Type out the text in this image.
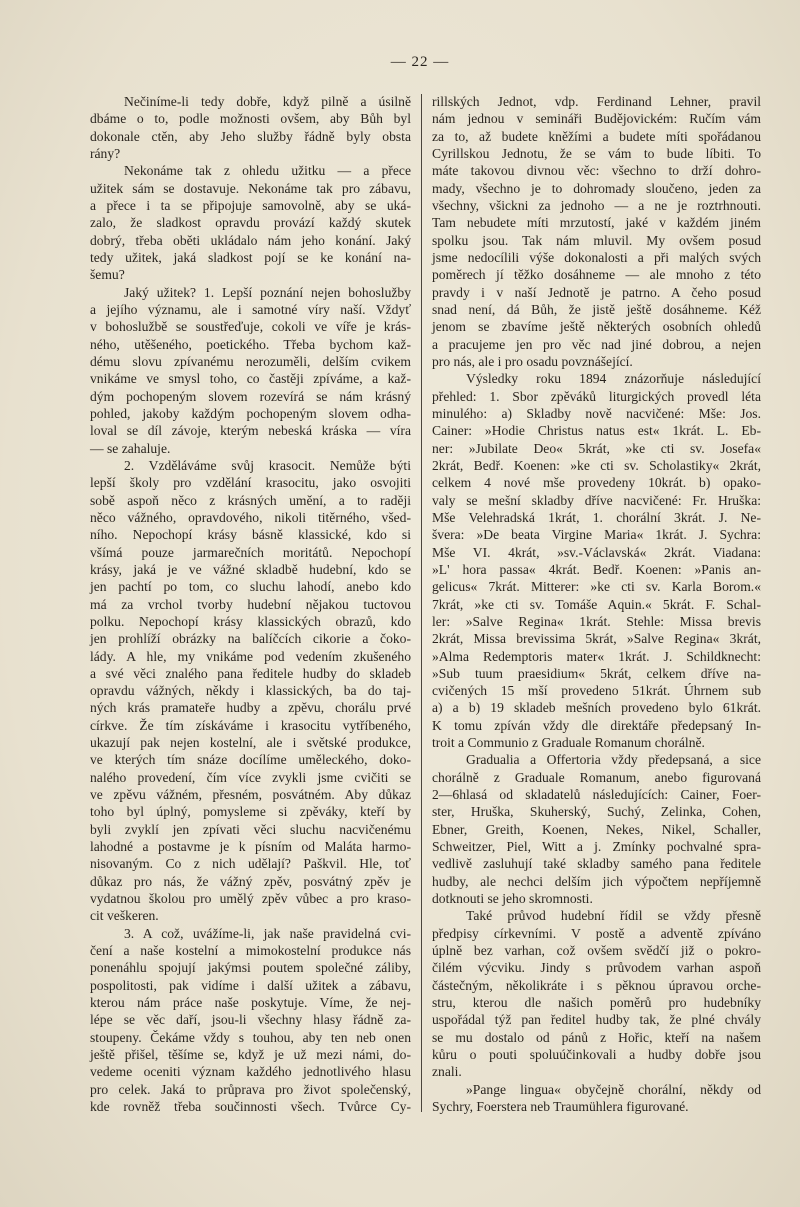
— 22 —
Nečiníme-li tedy dobře, když pilně a úsilně
dbáme o to, podle možnosti ovšem, aby Bůh byl
dokonale ctěn, aby Jeho služby řádně byly obsta
rány?
Nekonáme tak z ohledu užitku — a přece
užitek sám se dostavuje. Nekonáme tak pro zábavu,
a přece i ta se připojuje samovolně, aby se uká-
zalo, že sladkost opravdu provází každý skutek
dobrý, třeba oběti ukládalo nám jeho konání. Jaký
tedy užitek, jaká sladkost pojí se ke konání na-
šemu?
Jaký užitek? 1. Lepší poznání nejen bohoslužby
a jejího významu, ale i samotné víry naší. Vždyť
v bohoslužbě se soustřeďuje, cokoli ve víře je krás-
ného, utěšeného, poetického. Třeba bychom kaž-
dému slovu zpívanému nerozuměli, delším cvikem
vnikáme ve smysl toho, co častěji zpíváme, a kaž-
dým pochopeným slovem rozevírá se nám krásný
pohled, jakoby každým pochopeným slovem odha-
loval se díl závoje, kterým nebeská kráska — víra
— se zahaluje.
2. Vzděláváme svůj krasocit. Nemůže býti
lepší školy pro vzdělání krasocitu, jako osvojiti
sobě aspoň něco z krásných umění, a to raději
něco vážného, opravdového, nikoli titěrného, všed-
ního. Nepochopí krásy básně klassické, kdo si
všímá pouze jarmarečních moritátů. Nepochopí
krásy, jaká je ve vážné skladbě hudební, kdo se
jen pachtí po tom, co sluchu lahodí, anebo kdo
má za vrchol tvorby hudební nějakou tuctovou
polku. Nepochopí krásy klassických obrazů, kdo
jen prohlíží obrázky na balíčcích cikorie a čoko-
lády. A hle, my vnikáme pod vedením zkušeného
a své věci znalého pana ředitele hudby do skladeb
opravdu vážných, někdy i klassických, ba do taj-
ných krás pramateře hudby a zpěvu, chorálu prvé
církve. Že tím získáváme i krasocitu vytříbeného,
ukazují pak nejen kostelní, ale i světské produkce,
ve kterých tím snáze docílíme uměleckého, doko-
nalého provedení, čím více zvykli jsme cvičiti se
ve zpěvu vážném, přesném, posvátném. Aby důkaz
toho byl úplný, pomysleme si zpěváky, kteří by
byli zvyklí jen zpívati věci sluchu nacvičenému
lahodné a postavme je k písním od Maláta harmo-
nisovaným. Co z nich udělají? Paškvil. Hle, toť
důkaz pro nás, že vážný zpěv, posvátný zpěv je
vydatnou školou pro umělý zpěv vůbec a pro kraso-
cit veškeren.
3. A což, uvážíme-li, jak naše pravidelná cvi-
čení a naše kostelní a mimokostelní produkce nás
ponenáhlu spojují jakýmsi poutem společné záliby,
pospolitosti, pak vidíme i další užitek a zábavu,
kterou nám práce naše poskytuje. Víme, že nej-
lépe se věc daří, jsou-li všechny hlasy řádně za-
stoupeny. Čekáme vždy s touhou, aby ten neb onen
ještě přišel, těšíme se, když je už mezi námi, do-
vedeme oceniti význam každého jednotlivého hlasu
pro celek. Jaká to průprava pro život společenský,
kde rovněž třeba součinnosti všech. Tvůrce Cy-
rillských Jednot, vdp. Ferdinand Lehner, pravil
nám jednou v semináři Budějovickém: Ručím vám
za to, až budete kněžími a budete míti spořádanou
Cyrillskou Jednotu, že se vám to bude líbiti. To
máte takovou divnou věc: všechno to drží dohro-
mady, všechno je to dohromady sloučeno, jeden za
všechny, všickni za jednoho — a ne je roztrhnouti.
Tam nebudete míti mrzutostí, jaké v každém jiném
spolku jsou. Tak nám mluvil. My ovšem posud
jsme nedocílili výše dokonalosti a při malých svých
poměrech jí těžko dosáhneme — ale mnoho z této
pravdy i v naší Jednotě je patrno. A čeho posud
snad není, dá Bůh, že jistě ještě dosáhneme. Kéž
jenom se zbavíme ještě některých osobních ohledů
a pracujeme jen pro věc nad jiné dobrou, a nejen
pro nás, ale i pro osadu povznášející.
Výsledky roku 1894 znázorňuje následující
přehled: 1. Sbor zpěváků liturgických provedl léta
minulého: a) Skladby nově nacvičené: Mše: Jos.
Cainer: »Hodie Christus natus est« 1krát. L. Eb-
ner: »Jubilate Deo« 5krát, »ke cti sv. Josefa«
2krát, Bedř. Koenen: »ke cti sv. Scholastiky« 2krát,
celkem 4 nové mše provedeny 10krát. b) opako-
valy se mešní skladby dříve nacvičené: Fr. Hruška:
Mše Velehradská 1krát, 1. chorální 3krát. J. Ne-
švera: »De beata Virgine Maria« 1krát. J. Sychra:
Mše VI. 4krát, »sv.-Václavská« 2krát. Viadana:
»L' hora passa« 4krát. Bedř. Koenen: »Panis an-
gelicus« 7krát. Mitterer: »ke cti sv. Karla Borom.«
7krát, »ke cti sv. Tomáše Aquin.« 5krát. F. Schal-
ler: »Salve Regina« 1krát. Stehle: Missa brevis
2krát, Missa brevissima 5krát, »Salve Regina« 3krát,
»Alma Redemptoris mater« 1krát. J. Schildknecht:
»Sub tuum praesidium« 5krát, celkem dříve na-
cvičených 15 mší provedeno 51krát. Úhrnem sub
a) a b) 19 skladeb mešních provedeno bylo 61krát.
K tomu zpíván vždy dle direktáře předepsaný In-
troit a Communio z Graduale Romanum chorálně.
Gradualia a Offertoria vždy předepsaná, a sice
chorálně z Graduale Romanum, anebo figurovaná
2—6hlasá od skladatelů následujících: Cainer, Foer-
ster, Hruška, Skuherský, Suchý, Zelinka, Cohen,
Ebner, Greith, Koenen, Nekes, Nikel, Schaller,
Schweitzer, Piel, Witt a j. Zmínky pochvalné spra-
vedlivě zasluhují také skladby samého pana ředitele
hudby, ale nechci delším jich výpočtem nepříjemně
dotknouti se jeho skromnosti.
Také průvod hudební řídil se vždy přesně
předpisy církevními. V postě a adventě zpíváno
úplně bez varhan, což ovšem svědčí již o pokro-
čilém výcviku. Jindy s průvodem varhan aspoň
částečným, několikráte i s pěknou úpravou orche-
stru, kterou dle našich poměrů pro hudebníky
uspořádal týž pan ředitel hudby tak, že plné chvály
se mu dostalo od pánů z Hořic, kteří na našem
kůru o pouti spoluúčinkovali a hudby dobře jsou
znali.
»Pange lingua« obyčejně chorální, někdy od
Sychry, Foerstera neb Traumühlera figurované.
